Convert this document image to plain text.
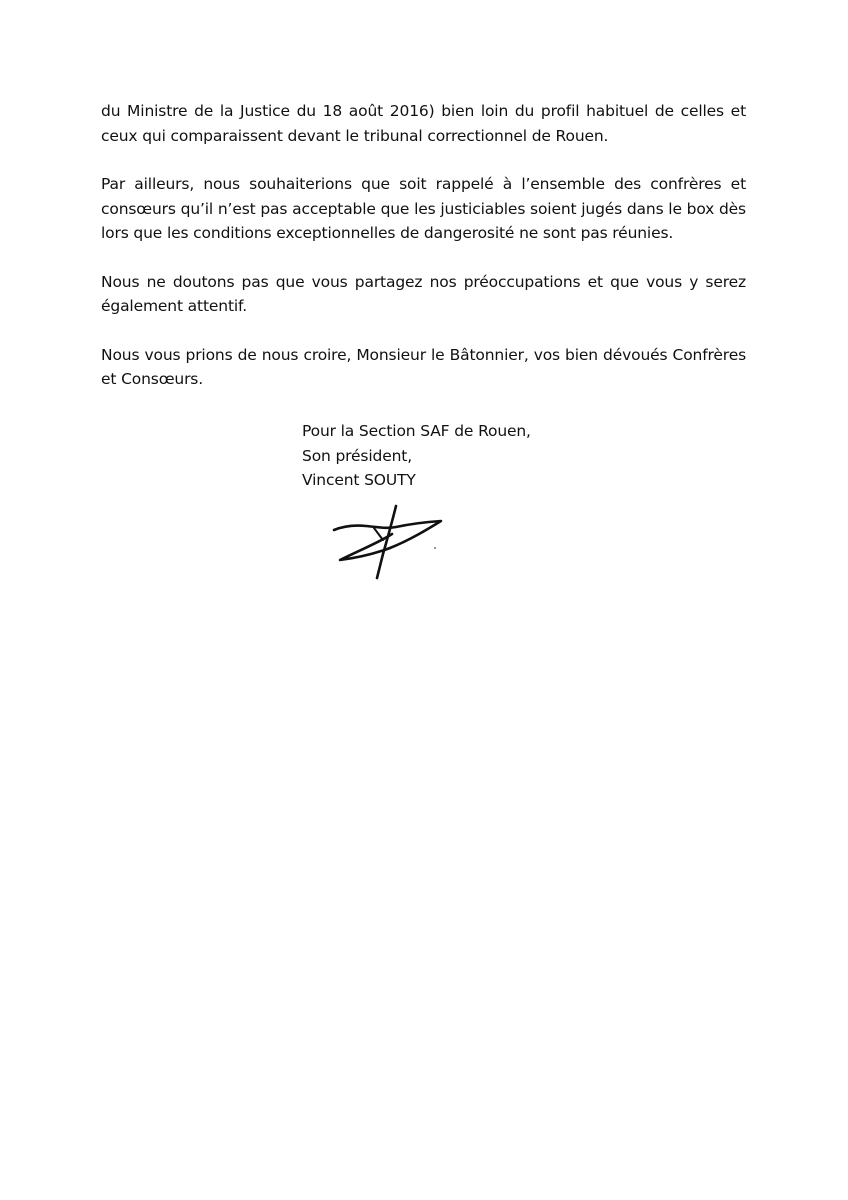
du Ministre de la Justice du 18 août 2016) bien loin du profil habituel de celles et ceux qui comparaissent devant le tribunal correctionnel de Rouen.

Par ailleurs, nous souhaiterions que soit rappelé à l’ensemble des confrères et consœurs qu’il n’est pas acceptable que les justiciables soient jugés dans le box dès lors que les conditions exceptionnelles de dangerosité ne sont pas réunies.

Nous ne doutons pas que vous partagez nos préoccupations et que vous y serez également attentif.

Nous vous prions de nous croire, Monsieur le Bâtonnier, vos bien dévoués Confrères et Consœurs.

Pour la Section SAF de Rouen,
Son président,
Vincent SOUTY
